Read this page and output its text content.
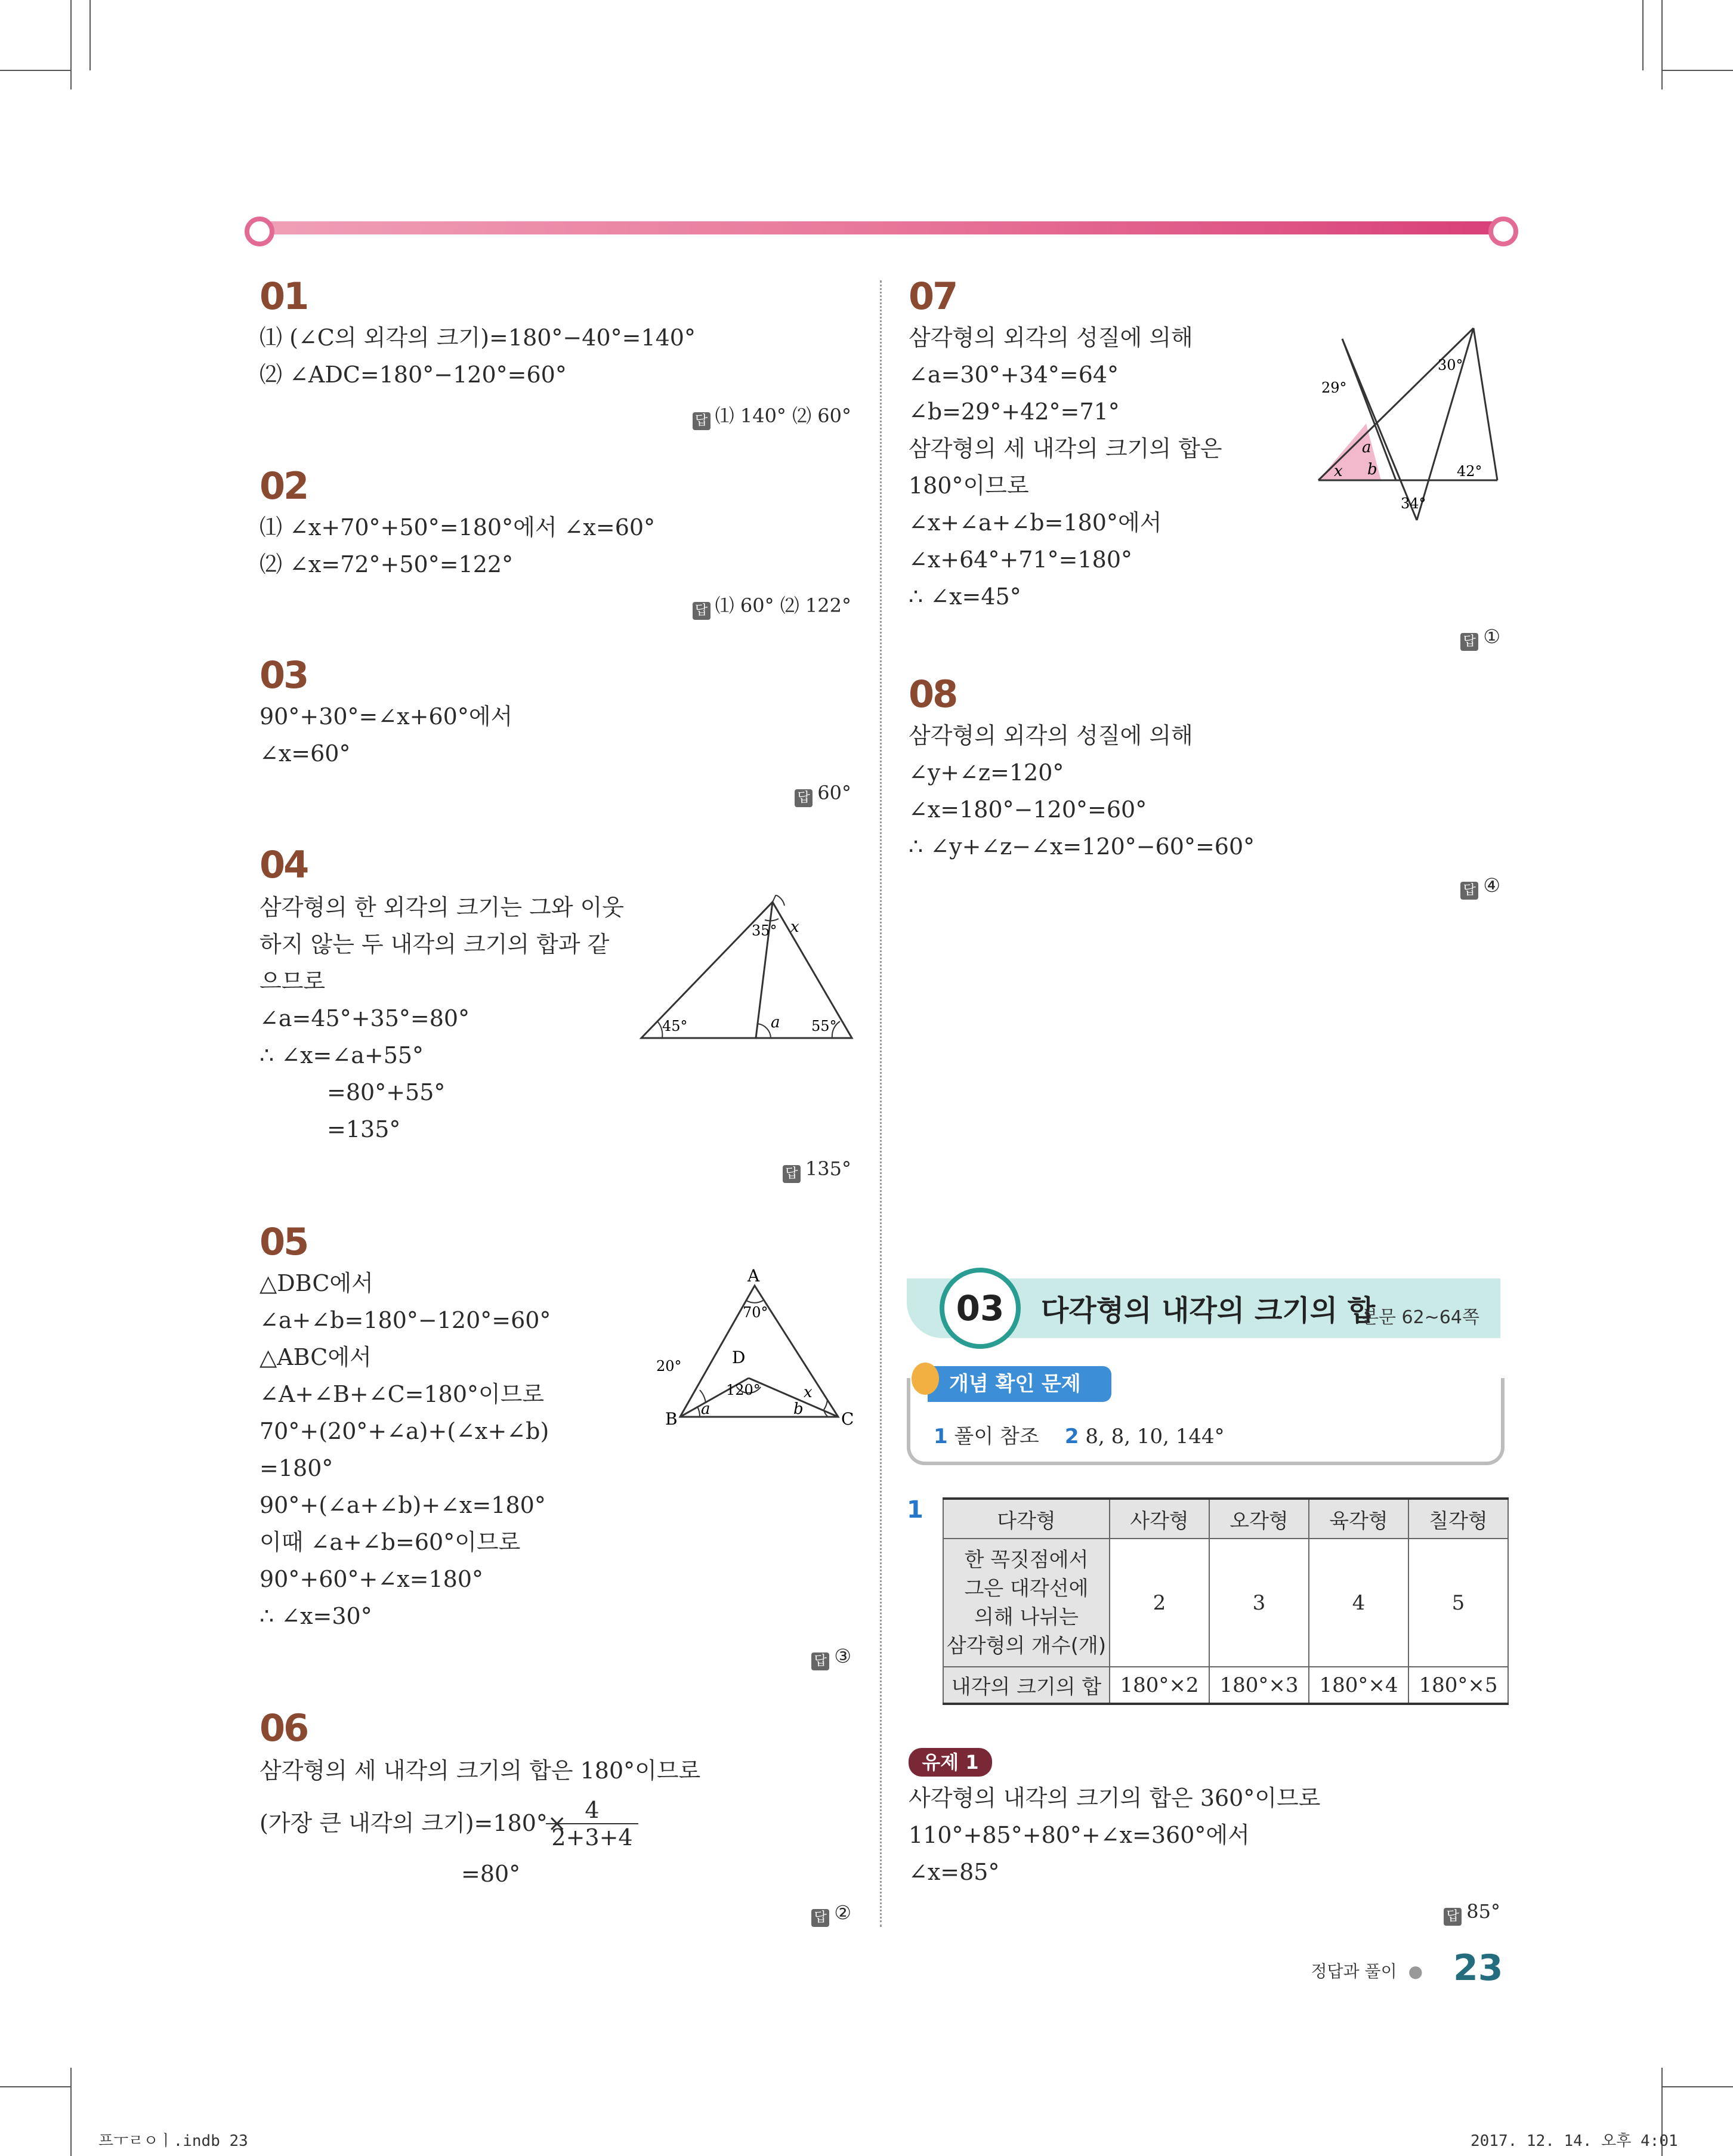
01
⑴ (∠C의 외각의 크기)=180°−40°=140°
⑵ ∠ADC=180°−120°=60°
답 ⑴ 140° ⑵ 60°
02
⑴ ∠x+70°+50°=180°에서 ∠x=60°
⑵ ∠x=72°+50°=122°
답 ⑴ 60° ⑵ 122°
03
90°+30°=∠x+60°에서
∠x=60°
답 60°
04
삼각형의 한 외각의 크기는 그와 이웃
하지 않는 두 내각의 크기의 합과 같
으므로
∠a=45°+35°=80°
∴ ∠x=∠a+55°
=80°+55°
=135°
답 135°
45°
35° x
a 55°
05
△DBC에서
∠a+∠b=180°−120°=60°
△ABC에서
∠A+∠B+∠C=180°이므로
70°+(20°+∠a)+(∠x+∠b)
=180°
90°+(∠a+∠b)+∠x=180°
이때 ∠a+∠b=60°이므로
90°+60°+∠x=180°
∴ ∠x=30°
답 ③
A
B	C
D
70°
20°
120°
a	b
x
06
삼각형의 세 내각의 크기의 합은 180°이므로
(가장 큰 내각의 크기)=180°×
$\frac{4}{2+3+4}$
=80°
답 ②
07
삼각형의 외각의 성질에 의해
∠a=30°+34°=64°
∠b=29°+42°=71°
삼각형의 세 내각의 크기의 합은
180°이므로
∠x+∠a+∠b=180°에서
∠x+64°+71°=180°
∴ ∠x=45°
답 ①
29°
30°
42°
34°
a
b
x
08
삼각형의 외각의 성질에 의해
∠y+∠z=120°
∠x=180°−120°=60°
∴ ∠y+∠z−∠x=120°−60°=60°
답 ④
03	다각형의 내각의 크기의 합
본문 62~64쪽
개념 확인 문제
1 풀이 참조 2 8, 8, 10, 144°
1	다각형	사각형	오각형	육각형	칠각형

한 꼭짓점에서
그은 대각선에
의해 나뉘는
삼각형의 개수(개)	2	3	4	5
내각의 크기의 합	180°×2	180°×3	180°×4	180°×5
유제 1
사각형의 내각의 크기의 합은 360°이므로
110°+85°+80°+∠x=360°에서
∠x=85°
답 85°
정답과 풀이 ● 23
프ㅜㄹㅇㅣ.indb 23	2017. 12. 14. 오후 4:01
